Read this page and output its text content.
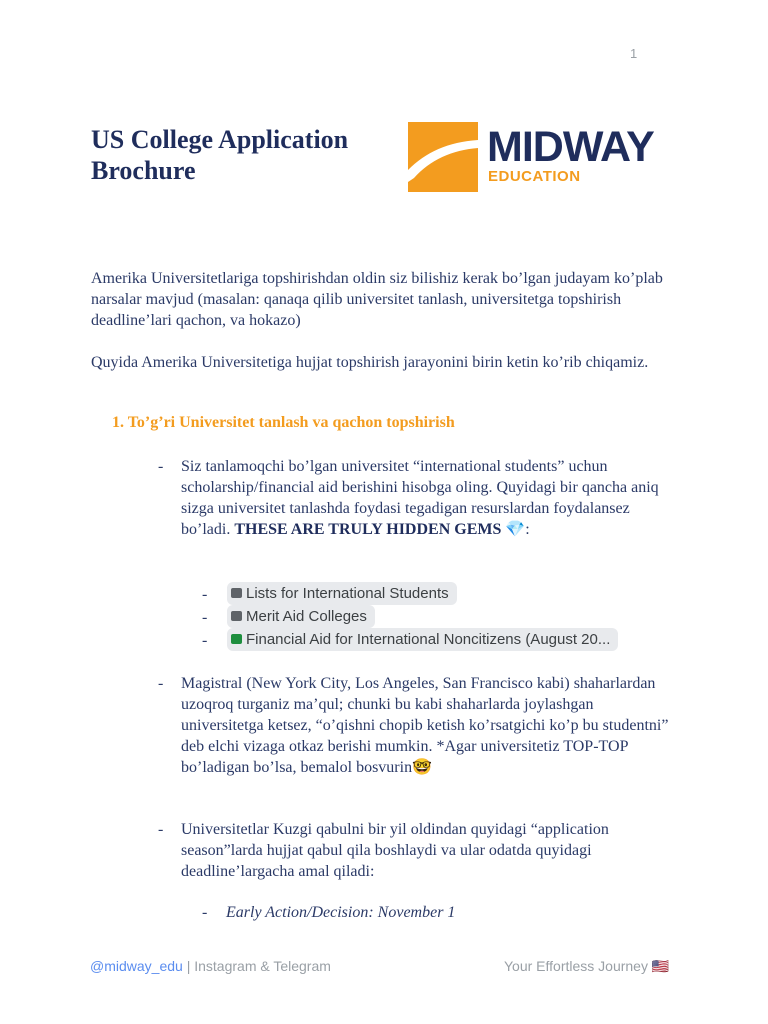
1
US College Application Brochure	MIDWAY
EDUCATION
Amerika Universitetlariga topshirishdan oldin siz bilishiz kerak bo’lgan judayam ko’plab narsalar mavjud (masalan: qanaqa qilib universitet tanlash, universitetga topshirish deadline’lari qachon, va hokazo)
Quyida Amerika Universitetiga hujjat topshirish jarayonini birin ketin ko’rib chiqamiz.
1. To’g’ri Universitet tanlash va qachon topshirish
- Siz tanlamoqchi bo’lgan universitet “international students” uchun scholarship/financial aid berishini hisobga oling. Quyidagi bir qancha aniq sizga universitet tanlashda foydasi tegadigan resurslardan foydalansez bo’ladi. THESE ARE TRULY HIDDEN GEMS 💎:
-	Lists for International Students
-	Merit Aid Colleges
-	Financial Aid for International Noncitizens (August 20...
- Magistral (New York City, Los Angeles, San Francisco kabi) shaharlardan uzoqroq turganiz ma’qul; chunki bu kabi shaharlarda joylashgan universitetga ketsez, “o’qishni chopib ketish ko’rsatgichi ko’p bu studentni” deb elchi vizaga otkaz berishi mumkin. *Agar universitetiz TOP-TOP bo’ladigan bo’lsa, bemalol bosvurin🤓
- Universitetlar Kuzgi qabulni bir yil oldindan quyidagi “application season”larda hujjat qabul qila boshlaydi va ular odatda quyidagi deadline’largacha amal qiladi:
- Early Action/Decision: November 1
@midway_edu | Instagram & Telegram	Your Effortless Journey 🇺🇸
